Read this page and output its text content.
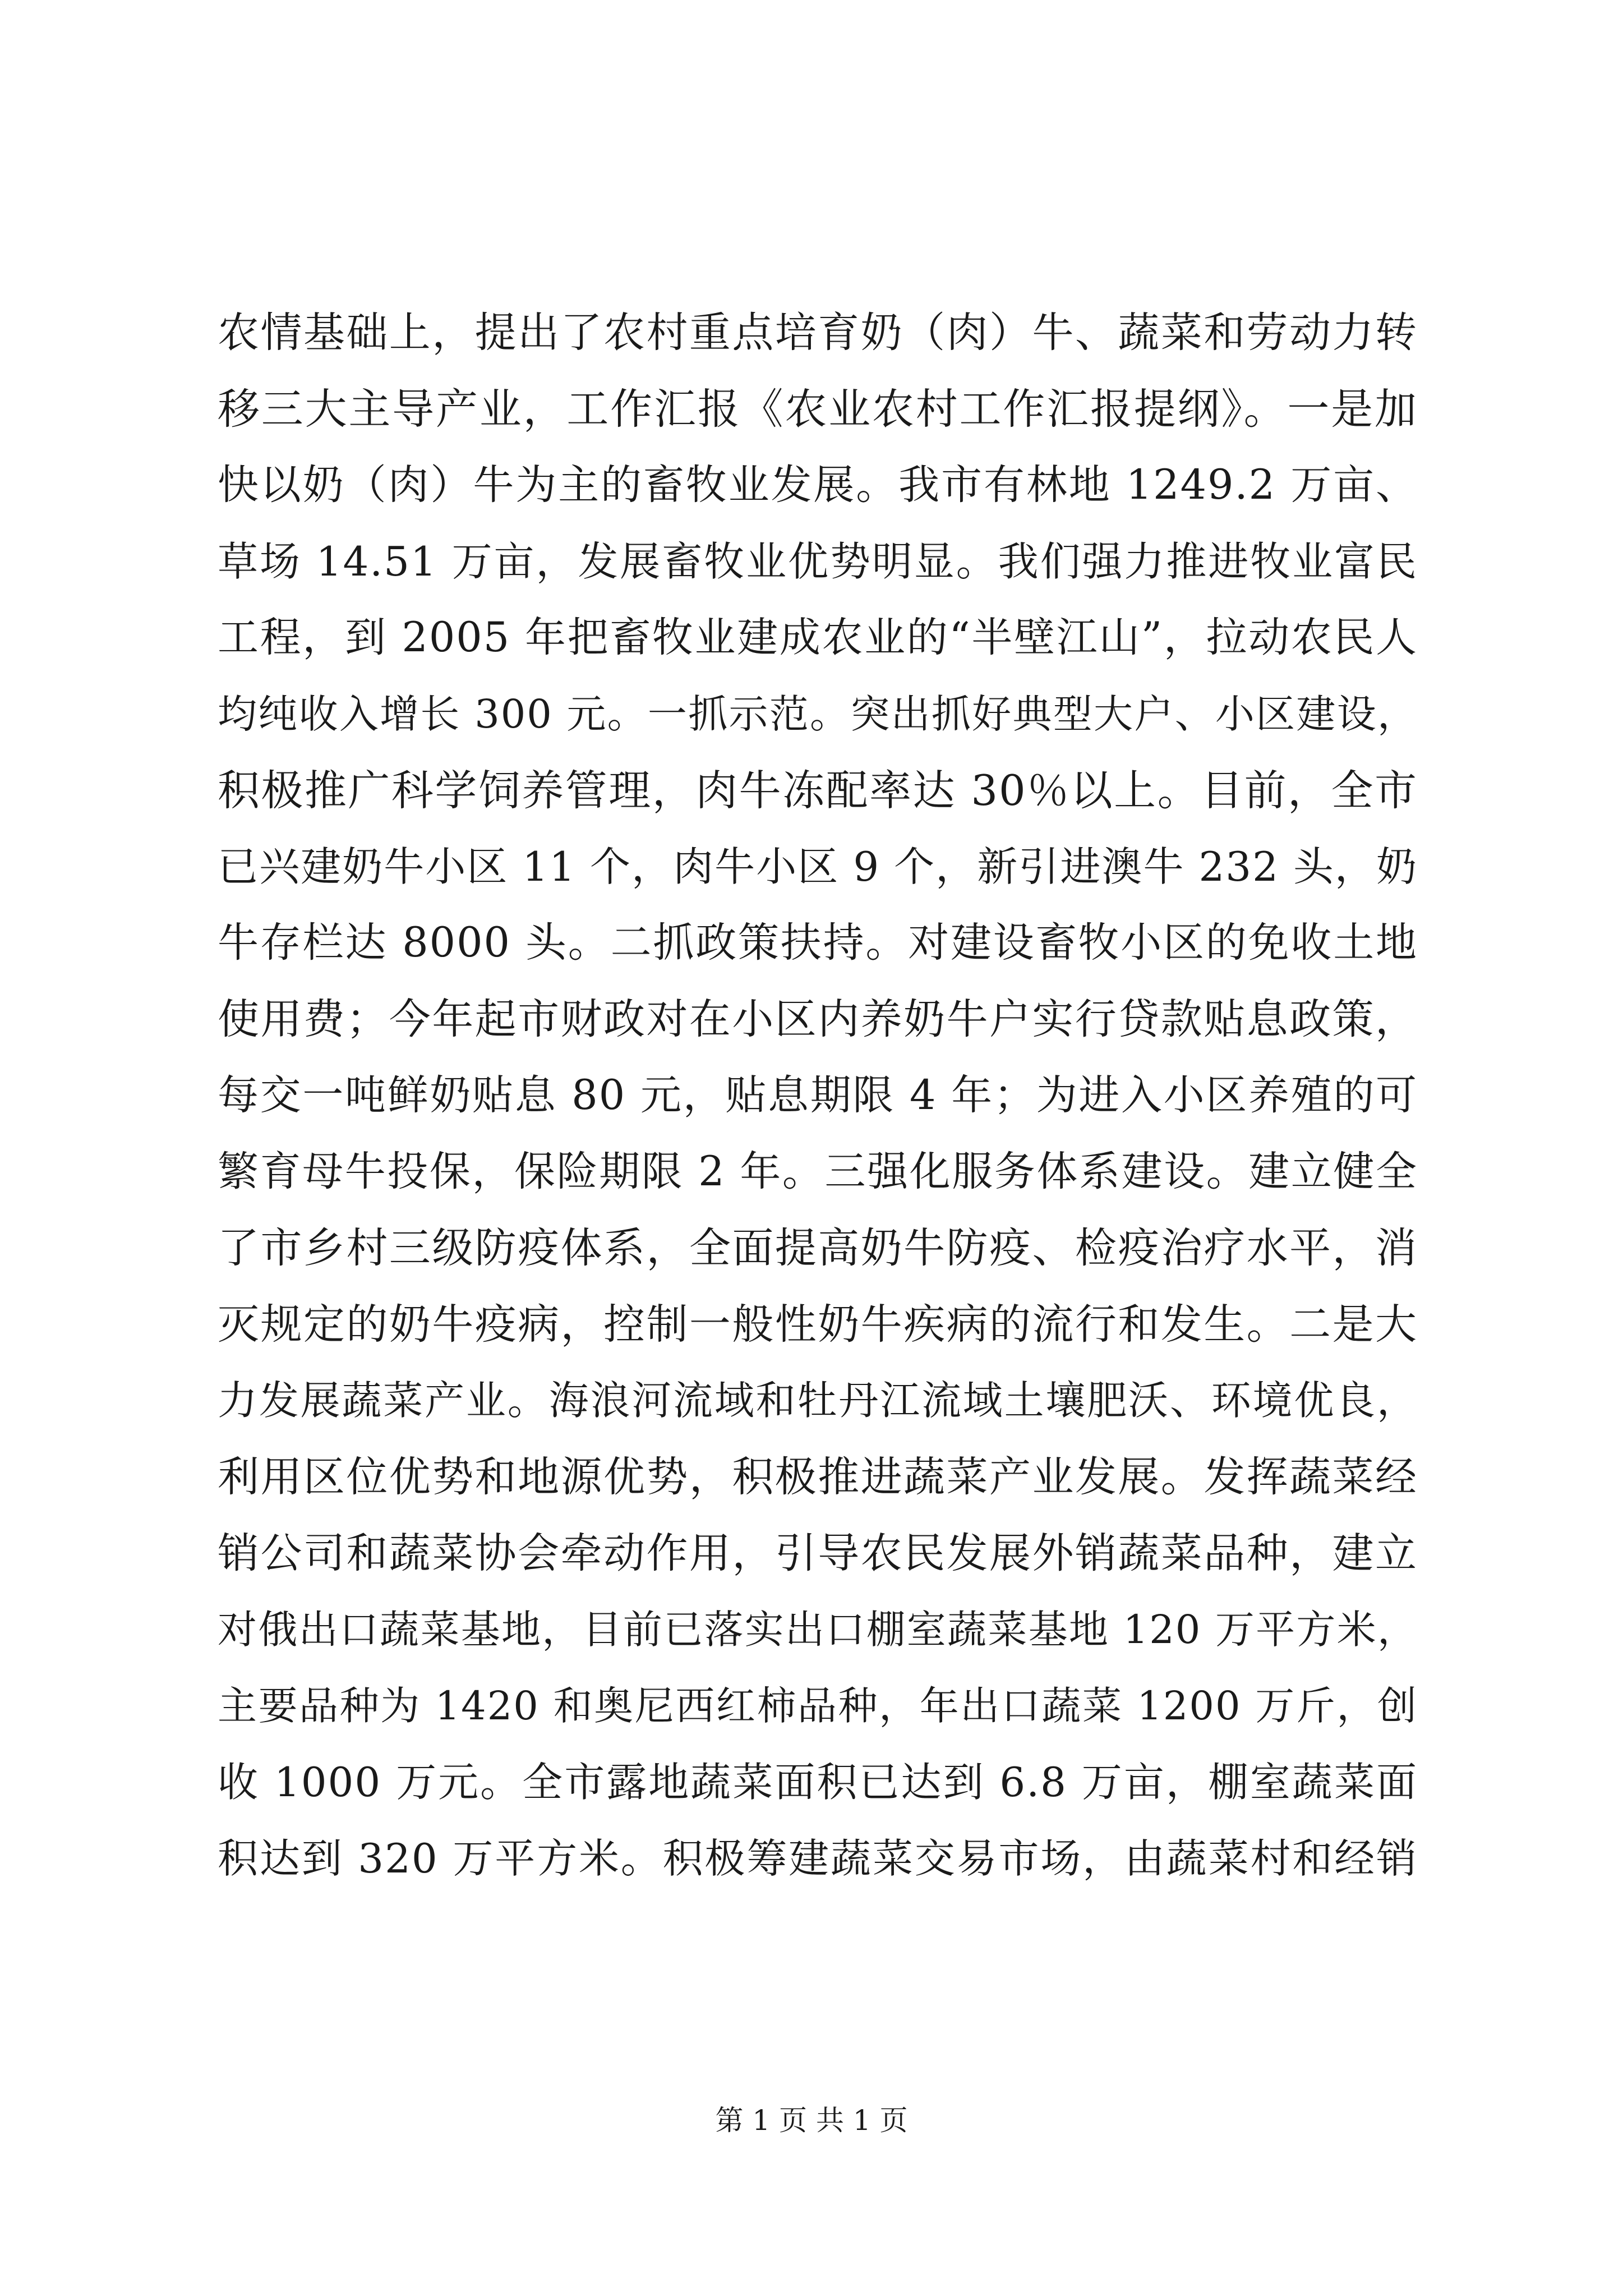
农情基础上，提出了农村重点培育奶（肉）牛、蔬菜和劳动力转
移三大主导产业，工作汇报《农业农村工作汇报提纲》。一是加
快以奶（肉）牛为主的畜牧业发展。我市有林地 1249.2 万亩、
草场 14.51 万亩，发展畜牧业优势明显。我们强力推进牧业富民
工程，到 2005 年把畜牧业建成农业的“半壁江山”，拉动农民人
均纯收入增长 300 元。一抓示范。突出抓好典型大户、小区建设，
积极推广科学饲养管理，肉牛冻配率达 30％以上。目前，全市
已兴建奶牛小区 11 个，肉牛小区 9 个，新引进澳牛 232 头，奶
牛存栏达 8000 头。二抓政策扶持。对建设畜牧小区的免收土地
使用费；今年起市财政对在小区内养奶牛户实行贷款贴息政策，
每交一吨鲜奶贴息 80 元，贴息期限 4 年；为进入小区养殖的可
繁育母牛投保，保险期限 2 年。三强化服务体系建设。建立健全
了市乡村三级防疫体系，全面提高奶牛防疫、检疫治疗水平，消
灭规定的奶牛疫病，控制一般性奶牛疾病的流行和发生。二是大
力发展蔬菜产业。海浪河流域和牡丹江流域土壤肥沃、环境优良，
利用区位优势和地源优势，积极推进蔬菜产业发展。发挥蔬菜经
销公司和蔬菜协会牵动作用，引导农民发展外销蔬菜品种，建立
对俄出口蔬菜基地，目前已落实出口棚室蔬菜基地 120 万平方米，
主要品种为 1420 和奥尼西红柿品种，年出口蔬菜 1200 万斤，创
收 1000 万元。全市露地蔬菜面积已达到 6.8 万亩，棚室蔬菜面
积达到 320 万平方米。积极筹建蔬菜交易市场，由蔬菜村和经销
第 1 页 共 1 页
